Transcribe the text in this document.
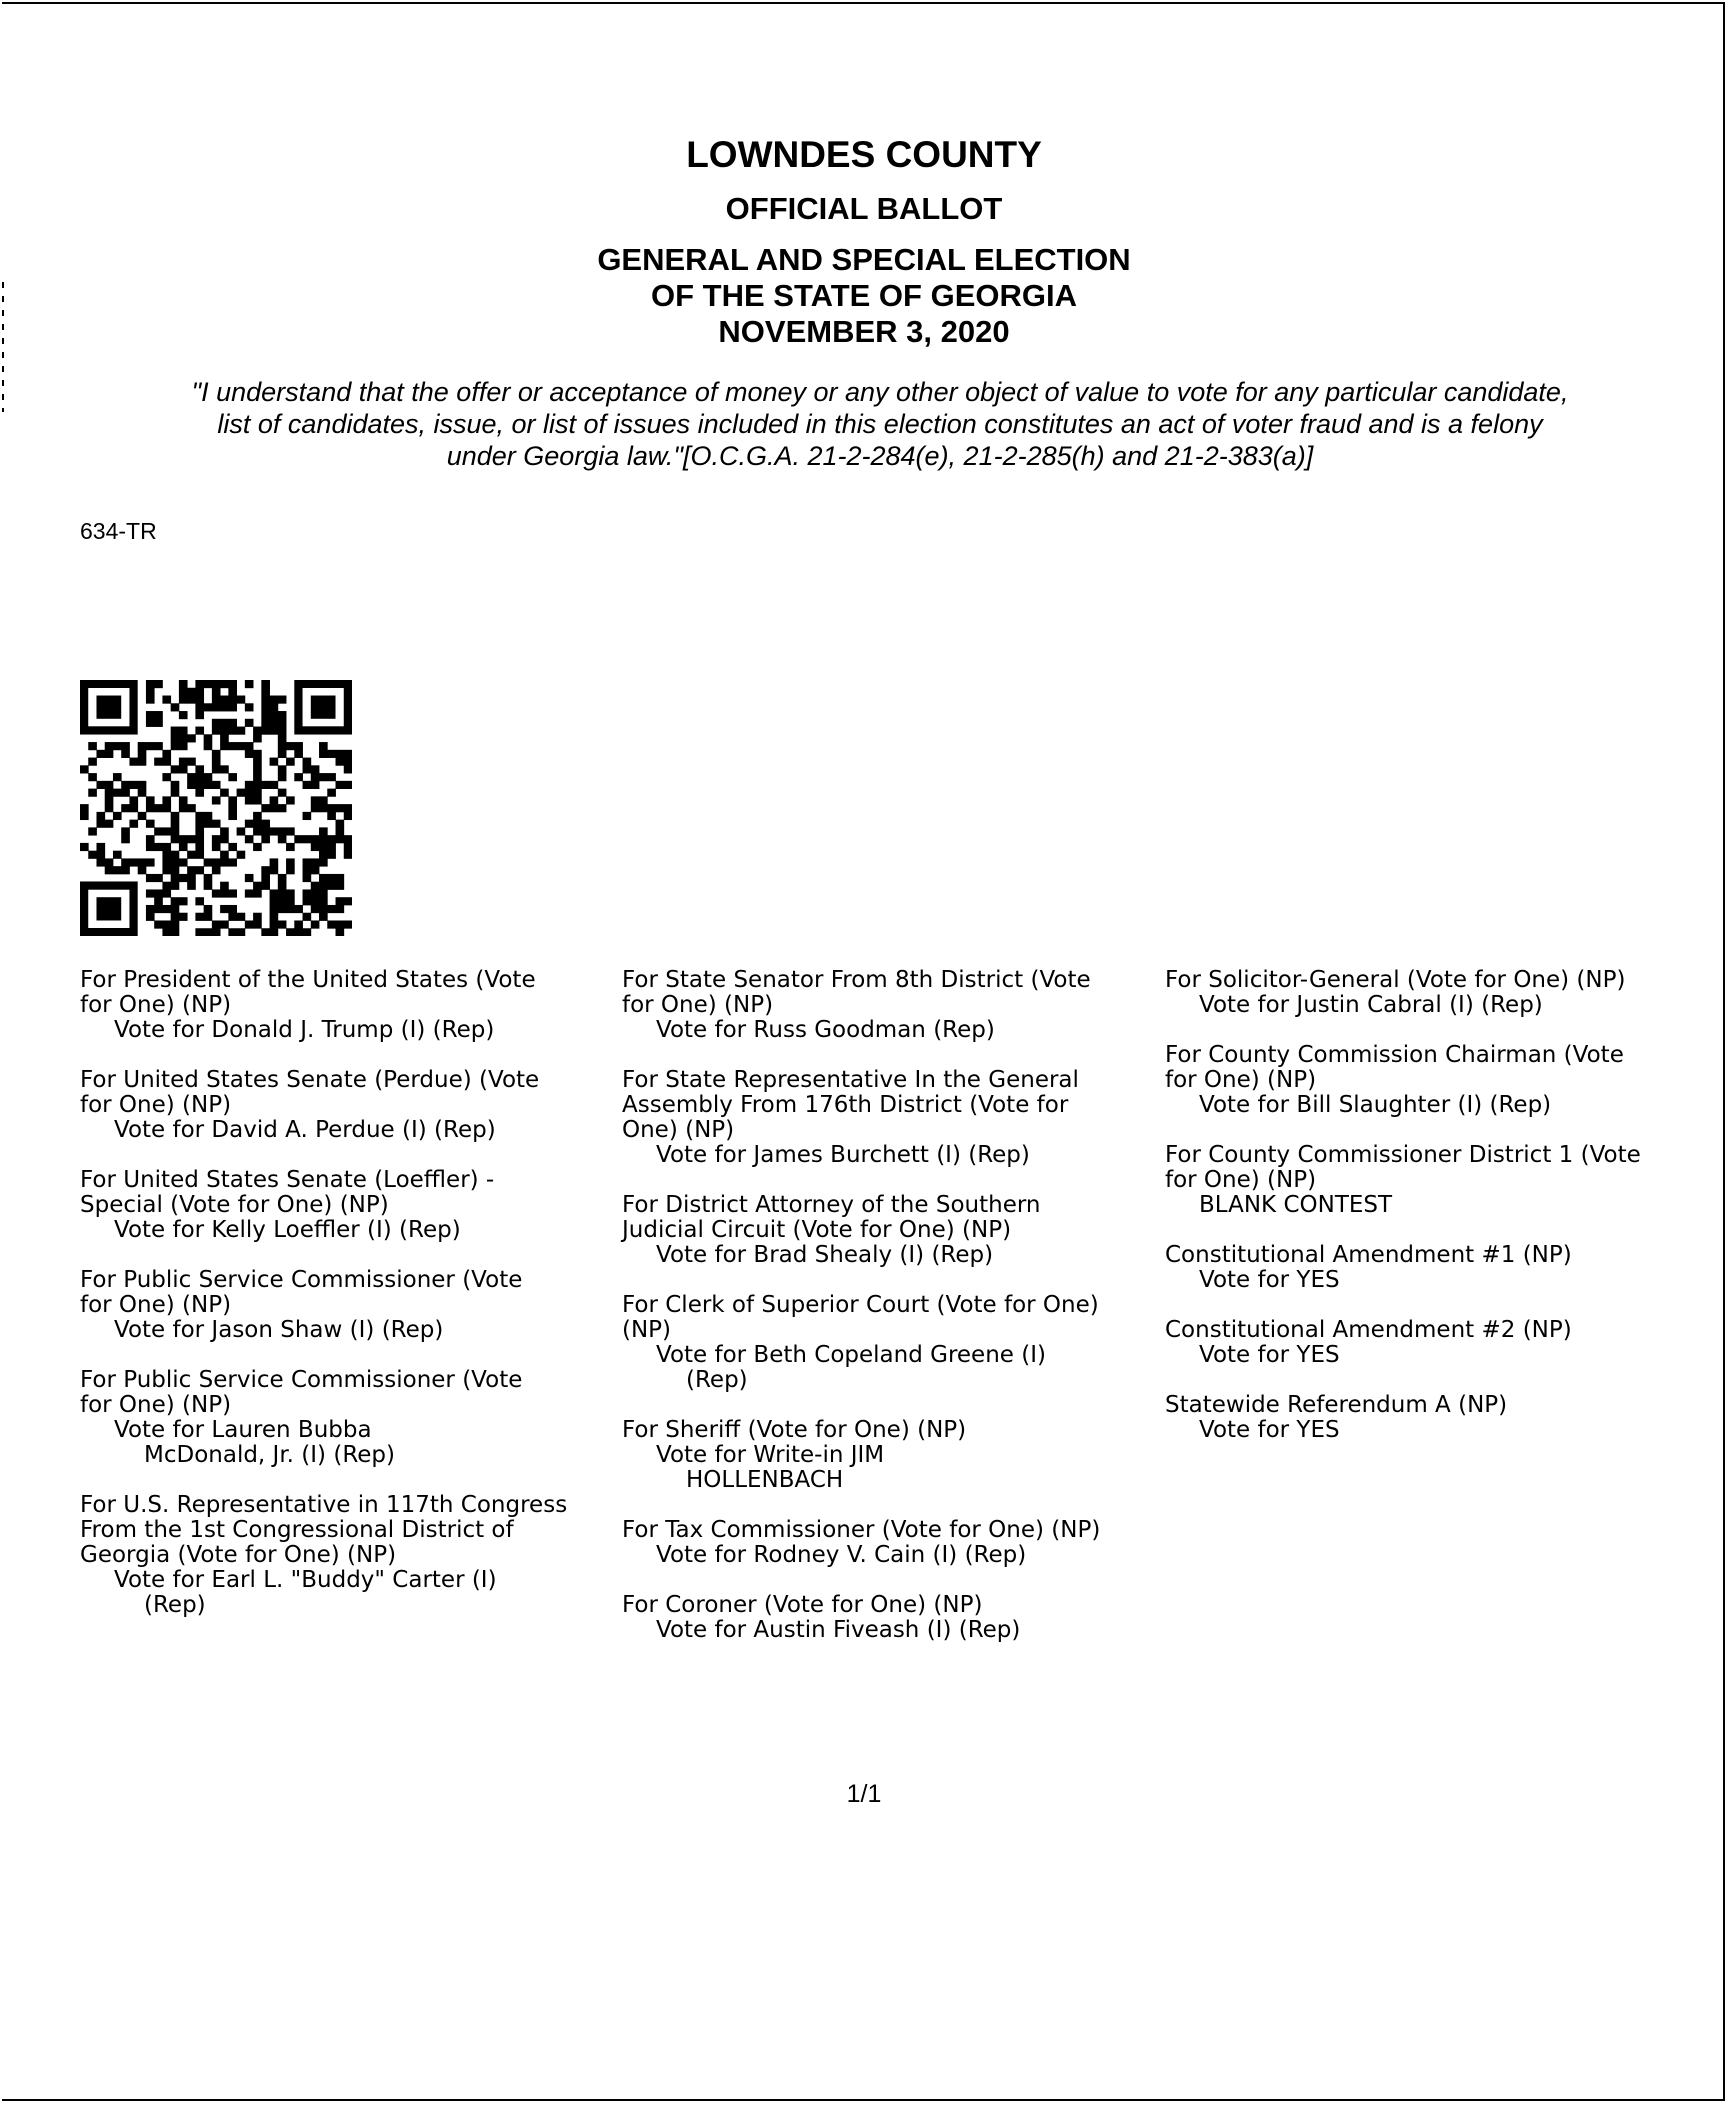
LOWNDES COUNTY
OFFICIAL BALLOT
GENERAL AND SPECIAL ELECTION
OF THE STATE OF GEORGIA
NOVEMBER 3, 2020
"I understand that the offer or acceptance of money or any other object of value to vote for any particular candidate,
list of candidates, issue, or list of issues included in this election constitutes an act of voter fraud and is a felony
under Georgia law."[O.C.G.A. 21-2-284(e), 21-2-285(h) and 21-2-383(a)]
634-TR
For President of the United States (Vote
for One) (NP)
Vote for Donald J. Trump (I) (Rep)
For United States Senate (Perdue) (Vote
for One) (NP)
Vote for David A. Perdue (I) (Rep)
For United States Senate (Loeffler) -
Special (Vote for One) (NP)
Vote for Kelly Loeffler (I) (Rep)
For Public Service Commissioner (Vote
for One) (NP)
Vote for Jason Shaw (I) (Rep)
For Public Service Commissioner (Vote
for One) (NP)
Vote for Lauren Bubba
McDonald, Jr. (I) (Rep)
For U.S. Representative in 117th Congress
From the 1st Congressional District of
Georgia (Vote for One) (NP)
Vote for Earl L. "Buddy" Carter (I)
(Rep)
For State Senator From 8th District (Vote
for One) (NP)
Vote for Russ Goodman (Rep)
For State Representative In the General
Assembly From 176th District (Vote for
One) (NP)
Vote for James Burchett (I) (Rep)
For District Attorney of the Southern
Judicial Circuit (Vote for One) (NP)
Vote for Brad Shealy (I) (Rep)
For Clerk of Superior Court (Vote for One)
(NP)
Vote for Beth Copeland Greene (I)
(Rep)
For Sheriff (Vote for One) (NP)
Vote for Write-in JIM
HOLLENBACH
For Tax Commissioner (Vote for One) (NP)
Vote for Rodney V. Cain (I) (Rep)
For Coroner (Vote for One) (NP)
Vote for Austin Fiveash (I) (Rep)
For Solicitor-General (Vote for One) (NP)
Vote for Justin Cabral (I) (Rep)
For County Commission Chairman (Vote
for One) (NP)
Vote for Bill Slaughter (I) (Rep)
For County Commissioner District 1 (Vote
for One) (NP)
BLANK CONTEST
Constitutional Amendment #1 (NP)
Vote for YES
Constitutional Amendment #2 (NP)
Vote for YES
Statewide Referendum A (NP)
Vote for YES
1/1
